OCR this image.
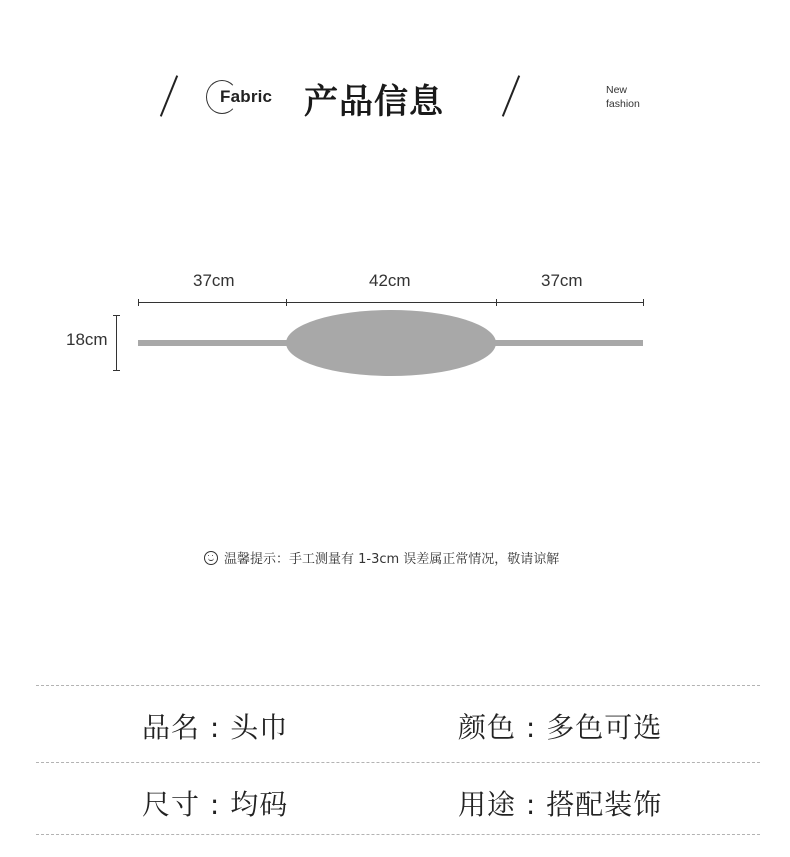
Fabric 产品信息	New
fashion
37cm	42cm	37cm
18cm
温馨提示：手工测量有 1-3cm 误差属正常情况，敬请谅解
品名 : 头巾	颜色 : 多色可选
尺寸 : 均码	用途 : 搭配装饰
